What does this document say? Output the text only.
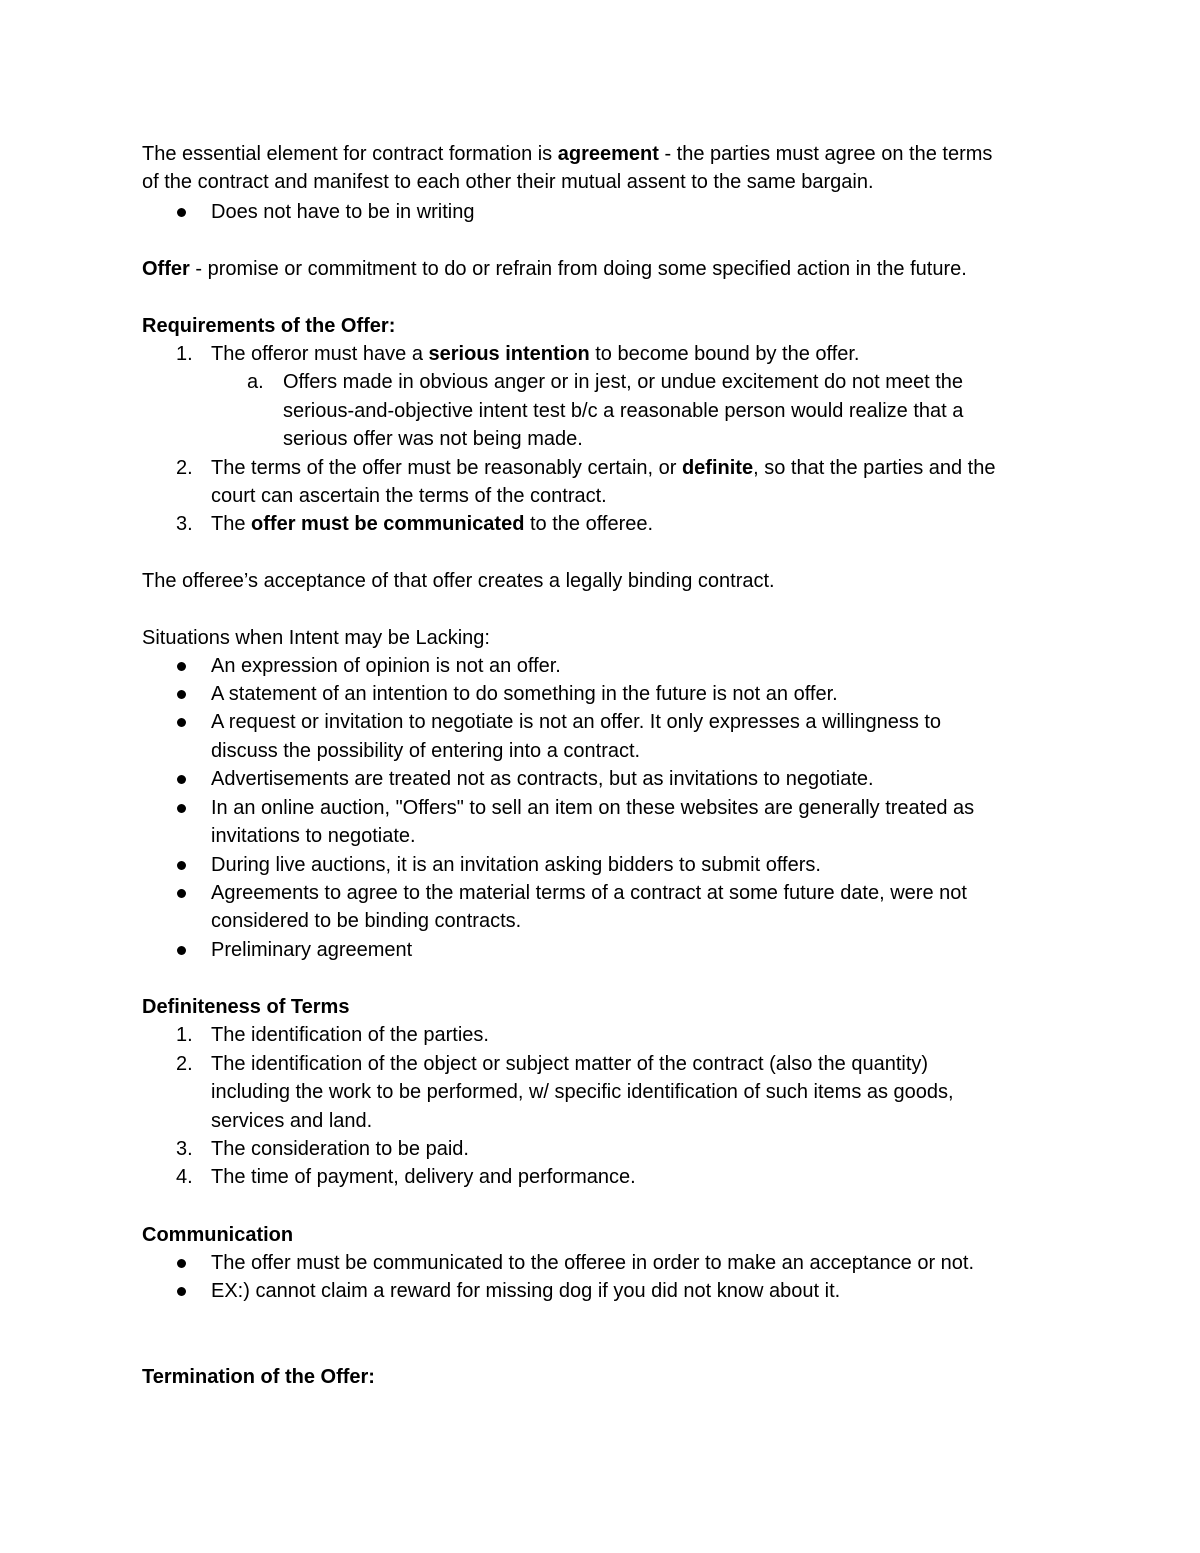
The essential element for contract formation is agreement - the parties must agree on the terms
of the contract and manifest to each other their mutual assent to the same bargain.
Does not have to be in writing
Offer - promise or commitment to do or refrain from doing some specified action in the future.
Requirements of the Offer:
1. The offeror must have a serious intention to become bound by the offer.
a. Offers made in obvious anger or in jest, or undue excitement do not meet the
serious-and-objective intent test b/c a reasonable person would realize that a
serious offer was not being made.
2. The terms of the offer must be reasonably certain, or definite, so that the parties and the
court can ascertain the terms of the contract.
3. The offer must be communicated to the offeree.
The offeree’s acceptance of that offer creates a legally binding contract.
Situations when Intent may be Lacking:
An expression of opinion is not an offer.
A statement of an intention to do something in the future is not an offer.
A request or invitation to negotiate is not an offer. It only expresses a willingness to
discuss the possibility of entering into a contract.
Advertisements are treated not as contracts, but as invitations to negotiate.
In an online auction, "Offers" to sell an item on these websites are generally treated as
invitations to negotiate.
During live auctions, it is an invitation asking bidders to submit offers.
Agreements to agree to the material terms of a contract at some future date, were not
considered to be binding contracts.
Preliminary agreement
Definiteness of Terms
1. The identification of the parties.
2. The identification of the object or subject matter of the contract (also the quantity)
including the work to be performed, w/ specific identification of such items as goods,
services and land.
3. The consideration to be paid.
4. The time of payment, delivery and performance.
Communication
The offer must be communicated to the offeree in order to make an acceptance or not.
EX:) cannot claim a reward for missing dog if you did not know about it.
Termination of the Offer:
